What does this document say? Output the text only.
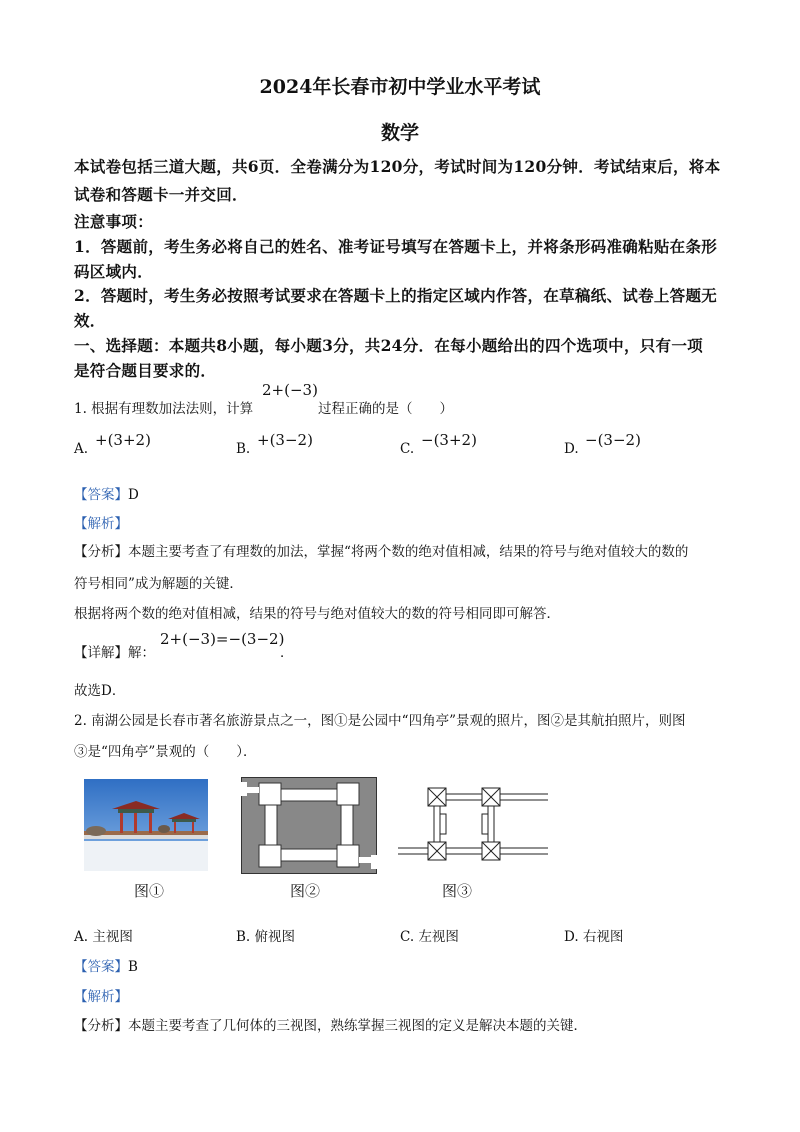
2024年长春市初中学业水平考试
数学
本试卷包括三道大题，共6页．全卷满分为120分，考试时间为120分钟．考试结束后，将本
试卷和答题卡一并交回．
注意事项：
1．答题前，考生务必将自己的姓名、准考证号填写在答题卡上，并将条形码准确粘贴在条形
码区域内．
2．答题时，考生务必按照考试要求在答题卡上的指定区域内作答，在草稿纸、试卷上答题无
效．
一、选择题：本题共8小题，每小题3分，共24分．在每小题给出的四个选项中，只有一项
是符合题目要求的．
1. 根据有理数加法法则，计算
2+(−3)
过程正确的是（　　）
A. +(3+2)	B. +(3−2)	C. −(3+2)	D. −(3−2)
【答案】D
【解析】
【分析】本题主要考查了有理数的加法，掌握“将两个数的绝对值相减，结果的符号与绝对值较大的数的
符号相同”成为解题的关键．
根据将两个数的绝对值相减，结果的符号与绝对值较大的数的符号相同即可解答．
【详解】解：
2+(−3)=−(3−2)
．
故选D．
2. 南湖公园是长春市著名旅游景点之一，图①是公园中“四角亭”景观的照片，图②是其航拍照片，则图
③是“四角亭”景观的（　　）．
图①	图②	图③
A. 主视图	B. 俯视图	C. 左视图	D. 右视图
【答案】B
【解析】
【分析】本题主要考查了几何体的三视图，熟练掌握三视图的定义是解决本题的关键．
